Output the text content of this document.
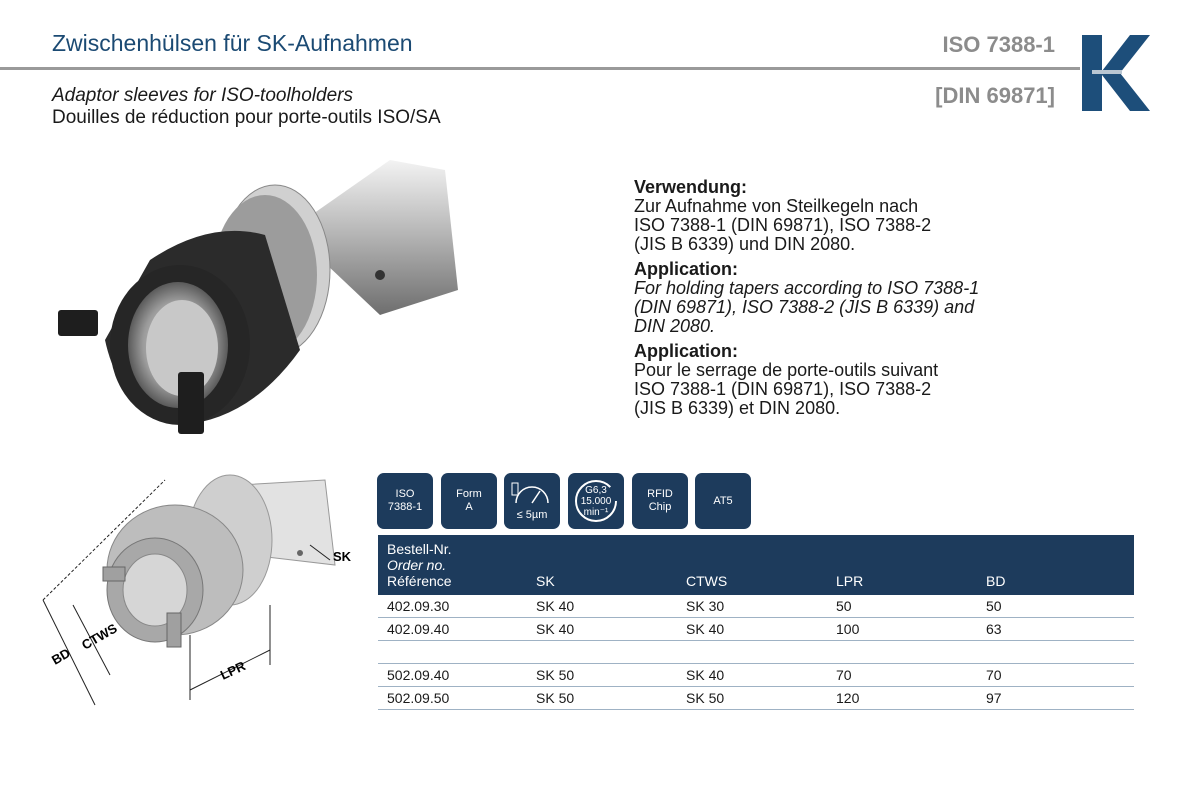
Zwischenhülsen für SK-Aufnahmen	ISO 7388-1
[DIN 69871]
Adaptor sleeves for ISO-toolholders
Douilles de réduction pour porte-outils ISO/SA
Verwendung:
Zur Aufnahme von Steilkegeln nach
ISO 7388-1 (DIN 69871), ISO 7388-2
(JIS B 6339) und DIN 2080.
Application:
For holding tapers according to ISO 7388-1
(DIN 69871), ISO 7388-2 (JIS B 6339) and
DIN 2080.
Application:
Pour le serrage de porte-outils suivant
ISO 7388-1 (DIN 69871), ISO 7388-2
(JIS B 6339) et DIN 2080.
SK
CTWS
BD
LPR
ISO
7388-1
Form
A
≤ 5µm
G6,3
15.000
min⁻¹
RFID
Chip
AT5
Bestell-Nr.
Order no.
Référence	SK	CTWS	LPR	BD
402.09.30	SK 40	SK 30	50	50
402.09.40	SK 40	SK 40	100	63
502.09.40	SK 50	SK 40	70	70
502.09.50	SK 50	SK 50	120	97
